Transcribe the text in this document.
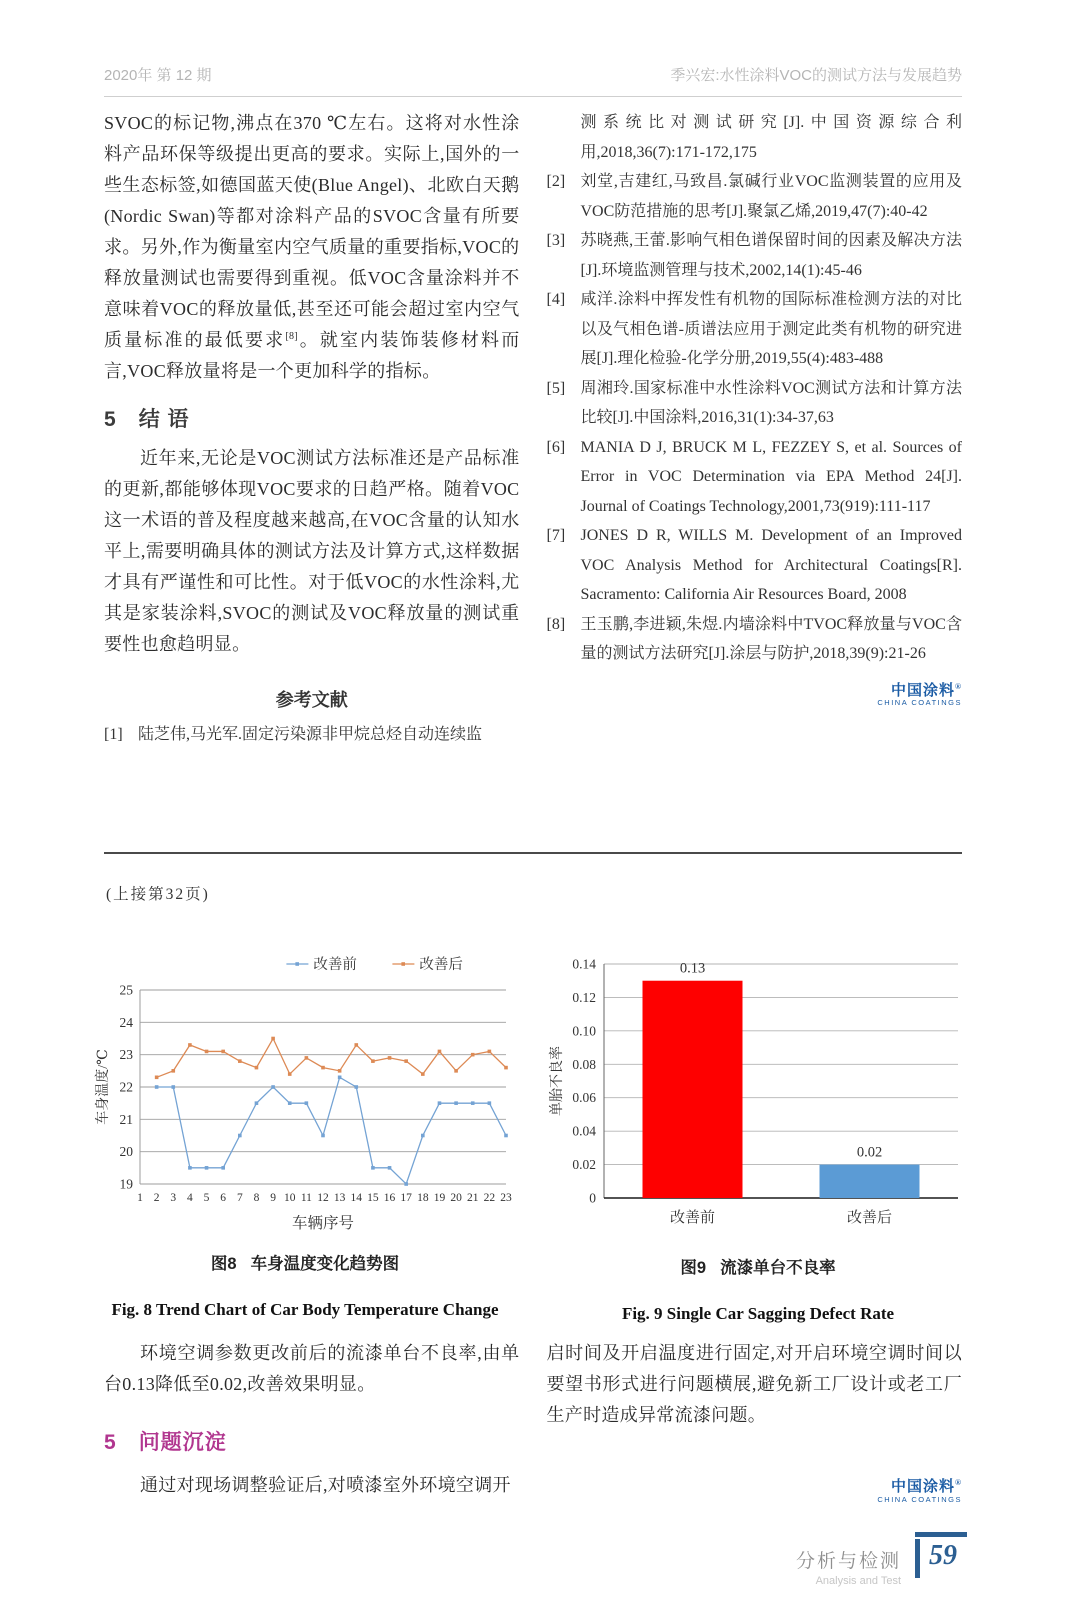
2020年 第 12 期	季兴宏:水性涂料VOC的测试方法与发展趋势

SVOC的标记物,沸点在370 ℃左右。这将对水性涂料产品环保等级提出更高的要求。实际上,国外的一些生态标签,如德国蓝天使(Blue Angel)、北欧白天鹅(Nordic Swan)等都对涂料产品的SVOC含量有所要求。另外,作为衡量室内空气质量的重要指标,VOC的释放量测试也需要得到重视。低VOC含量涂料并不意味着VOC的释放量低,甚至还可能会超过室内空气质量标准的最低要求[8]。就室内装饰装修材料而言,VOC释放量将是一个更加科学的指标。

5 结 语

近年来,无论是VOC测试方法标准还是产品标准的更新,都能够体现VOC要求的日趋严格。随着VOC这一术语的普及程度越来越高,在VOC含量的认知水平上,需要明确具体的测试方法及计算方式,这样数据才具有严谨性和可比性。对于低VOC的水性涂料,尤其是家装涂料,SVOC的测试及VOC释放量的测试重要性也愈趋明显。

参考文献
[1] 陆芝伟,马光军.固定污染源非甲烷总烃自动连续监
测系统比对测试研究[J].中国资源综合利用,2018,36(7):171-172,175
[2] 刘堂,吉建红,马致昌.氯碱行业VOC监测装置的应用及VOC防范措施的思考[J].聚氯乙烯,2019,47(7):40-42
[3] 苏晓燕,王蕾.影响气相色谱保留时间的因素及解决方法[J].环境监测管理与技术,2002,14(1):45-46
[4] 咸洋.涂料中挥发性有机物的国际标准检测方法的对比以及气相色谱-质谱法应用于测定此类有机物的研究进展[J].理化检验-化学分册,2019,55(4):483-488
[5] 周湘玲.国家标准中水性涂料VOC测试方法和计算方法比较[J].中国涂料,2016,31(1):34-37,63
[6] MANIA D J, BRUCK M L, FEZZEY S, et al. Sources of Error in VOC Determination via EPA Method 24[J]. Journal of Coatings Technology,2001,73(919):111-117
[7] JONES D R, WILLS M. Development of an Improved VOC Analysis Method for Architectural Coatings[R]. Sacramento: California Air Resources Board, 2008
[8] 王玉鹏,李进颖,朱煜.内墙涂料中TVOC释放量与VOC含量的测试方法研究[J].涂层与防护,2018,39(9):21-26
中国涂料®
CHINA COATINGS
(上接第32页)
25
24
23
22
21
20
19
1 2 3 4 5 6 7 8 9 10 11 12 13 14 15 16 17 18 19 20 21 22 23
车辆序号
车身温度/℃
改善前	改善后
图8 车身温度变化趋势图
Fig. 8 Trend Chart of Car Body Temperature Change
0.14
0.12
0.10
0.08
0.06
0.04
0.02
0
0.13
改善前
0.02
改善后
单胎不良率
图9 流漆单台不良率
Fig. 9 Single Car Sagging Defect Rate

环境空调参数更改前后的流漆单台不良率,由单台0.13降低至0.02,改善效果明显。

5 问题沉淀

通过对现场调整验证后,对喷漆室外环境空调开

启时间及开启温度进行固定,对开启环境空调时间以要望书形式进行问题横展,避免新工厂设计或老工厂生产时造成异常流漆问题。

中国涂料®
CHINA COATINGS
分析与检测
Analysis and Test
59
